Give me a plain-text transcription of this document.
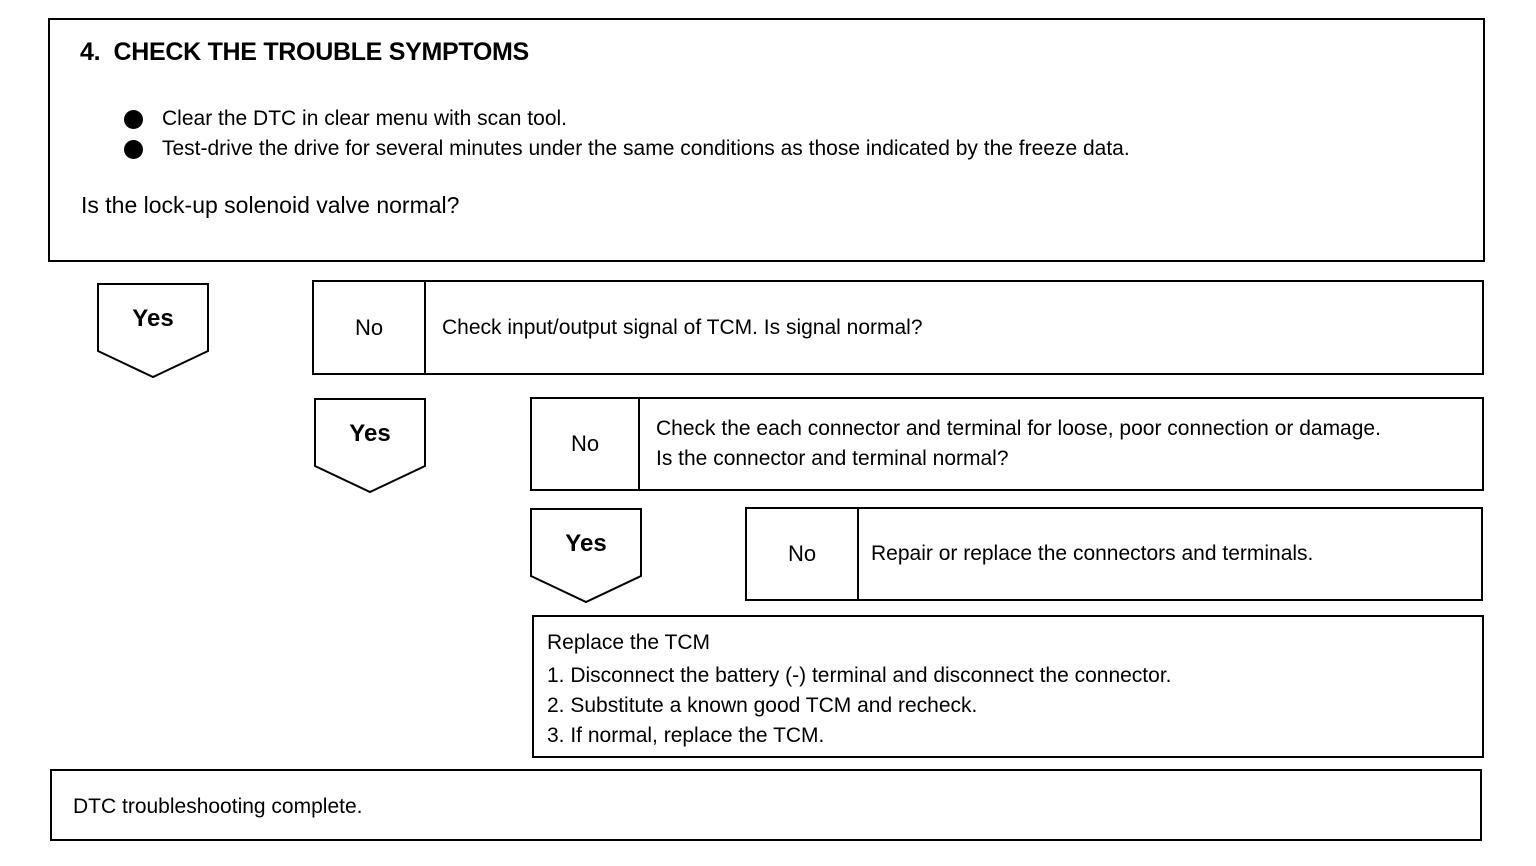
4. CHECK THE TROUBLE SYMPTOMS
Clear the DTC in clear menu with scan tool.
Test-drive the drive for several minutes under the same conditions as those indicated by the freeze data.
Is the lock-up solenoid valve normal?
Yes	No	Check input/output signal of TCM. Is signal normal?
Yes	No
Check the each connector and terminal for loose, poor connection or damage. Is the connector and terminal normal?
Yes	No	Repair or replace the connectors and terminals.
Replace the TCM
1. Disconnect the battery (-) terminal and disconnect the connector.
2. Substitute a known good TCM and recheck.
3. If normal, replace the TCM.
DTC troubleshooting complete.
